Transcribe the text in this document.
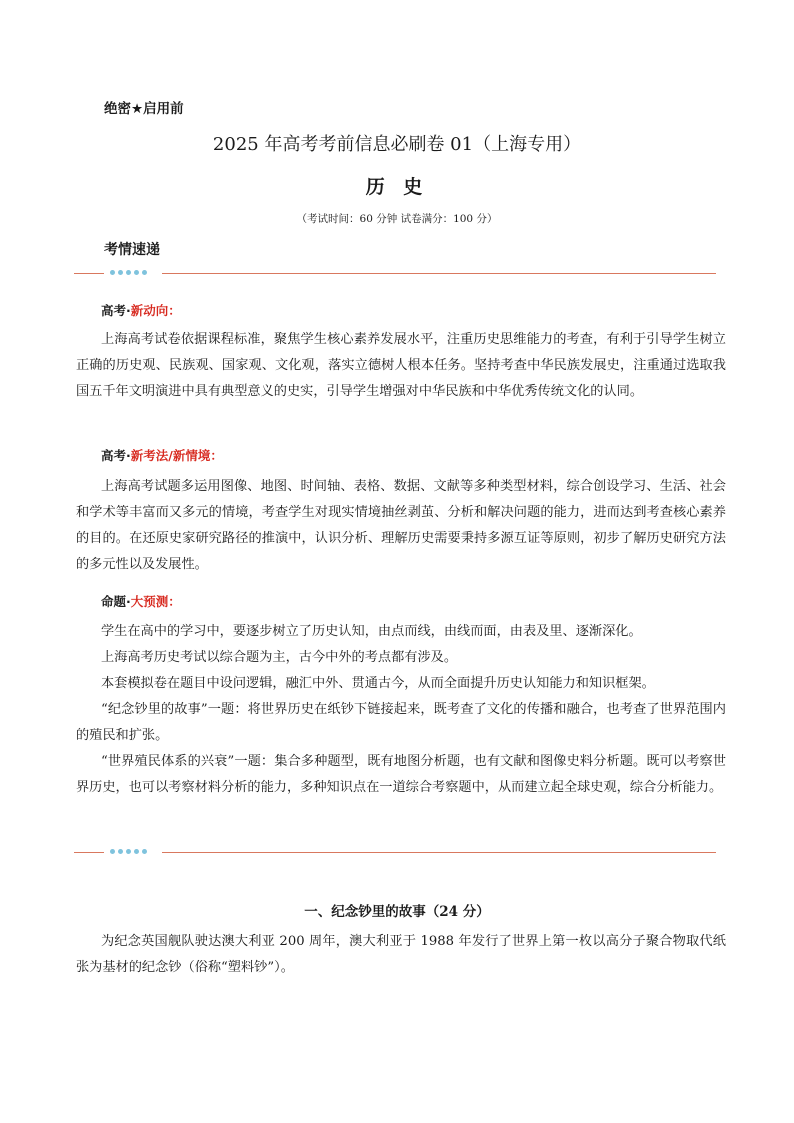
绝密★启用前
2025 年高考考前信息必刷卷 01（上海专用）
历 史
（考试时间：60 分钟 试卷满分：100 分）
考情速递
高考·新动向：

上海高考试卷依据课程标准，聚焦学生核心素养发展水平，注重历史思维能力的考查，有利于引导学生树立正确的历史观、民族观、国家观、文化观，落实立德树人根本任务。坚持考查中华民族发展史，注重通过选取我国五千年文明演进中具有典型意义的史实，引导学生增强对中华民族和中华优秀传统文化的认同。

高考·新考法/新情境：

上海高考试题多运用图像、地图、时间轴、表格、数据、文献等多种类型材料，综合创设学习、生活、社会和学术等丰富而又多元的情境，考查学生对现实情境抽丝剥茧、分析和解决问题的能力，进而达到考查核心素养的目的。在还原史家研究路径的推演中，认识分析、理解历史需要秉持多源互证等原则，初步了解历史研究方法的多元性以及发展性。

命题·大预测：

学生在高中的学习中，要逐步树立了历史认知，由点而线，由线而面，由表及里、逐渐深化。

上海高考历史考试以综合题为主，古今中外的考点都有涉及。

本套模拟卷在题目中设问逻辑，融汇中外、贯通古今，从而全面提升历史认知能力和知识框架。

“纪念钞里的故事”一题：将世界历史在纸钞下链接起来，既考查了文化的传播和融合，也考查了世界范围内的殖民和扩张。

“世界殖民体系的兴衰”一题：集合多种题型，既有地图分析题，也有文献和图像史料分析题。既可以考察世界历史，也可以考察材料分析的能力，多种知识点在一道综合考察题中，从而建立起全球史观，综合分析能力。

一、纪念钞里的故事（24 分）

为纪念英国舰队驶达澳大利亚 200 周年，澳大利亚于 1988 年发行了世界上第一枚以高分子聚合物取代纸张为基材的纪念钞（俗称“塑料钞”）。
